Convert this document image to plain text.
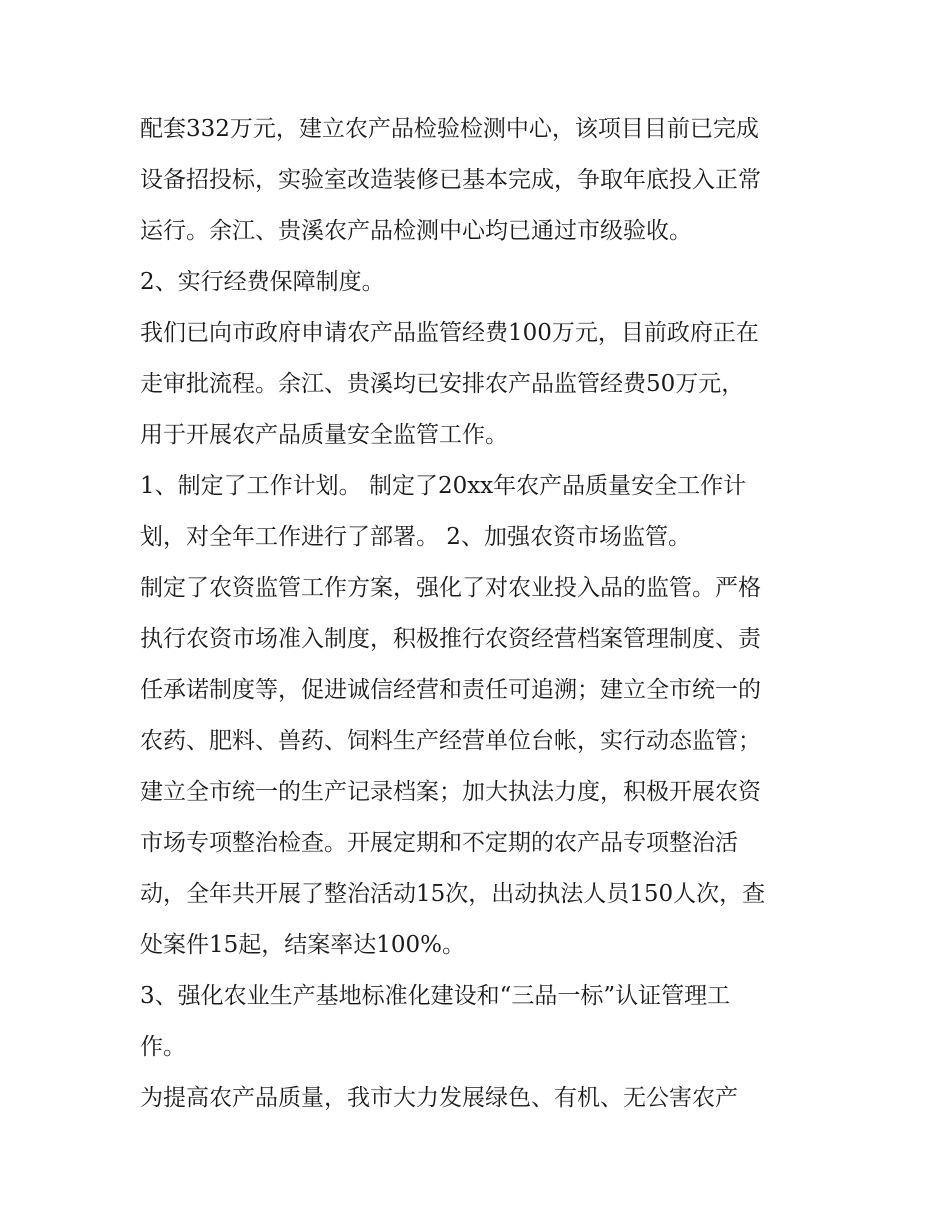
配套332万元，建立农产品检验检测中心，该项目目前已完成
设备招投标，实验室改造装修已基本完成，争取年底投入正常
运行。余江、贵溪农产品检测中心均已通过市级验收。
2、实行经费保障制度。
我们已向市政府申请农产品监管经费100万元，目前政府正在
走审批流程。余江、贵溪均已安排农产品监管经费50万元，
用于开展农产品质量安全监管工作。
1、制定了工作计划。 制定了20xx年农产品质量安全工作计
划，对全年工作进行了部署。 2、加强农资市场监管。
制定了农资监管工作方案，强化了对农业投入品的监管。严格
执行农资市场准入制度，积极推行农资经营档案管理制度、责
任承诺制度等，促进诚信经营和责任可追溯；建立全市统一的
农药、肥料、兽药、饲料生产经营单位台帐，实行动态监管；
建立全市统一的生产记录档案；加大执法力度，积极开展农资
市场专项整治检查。开展定期和不定期的农产品专项整治活
动，全年共开展了整治活动15次，出动执法人员150人次，查
处案件15起，结案率达100%。
3、强化农业生产基地标准化建设和“三品一标”认证管理工
作。
为提高农产品质量，我市大力发展绿色、有机、无公害农产
